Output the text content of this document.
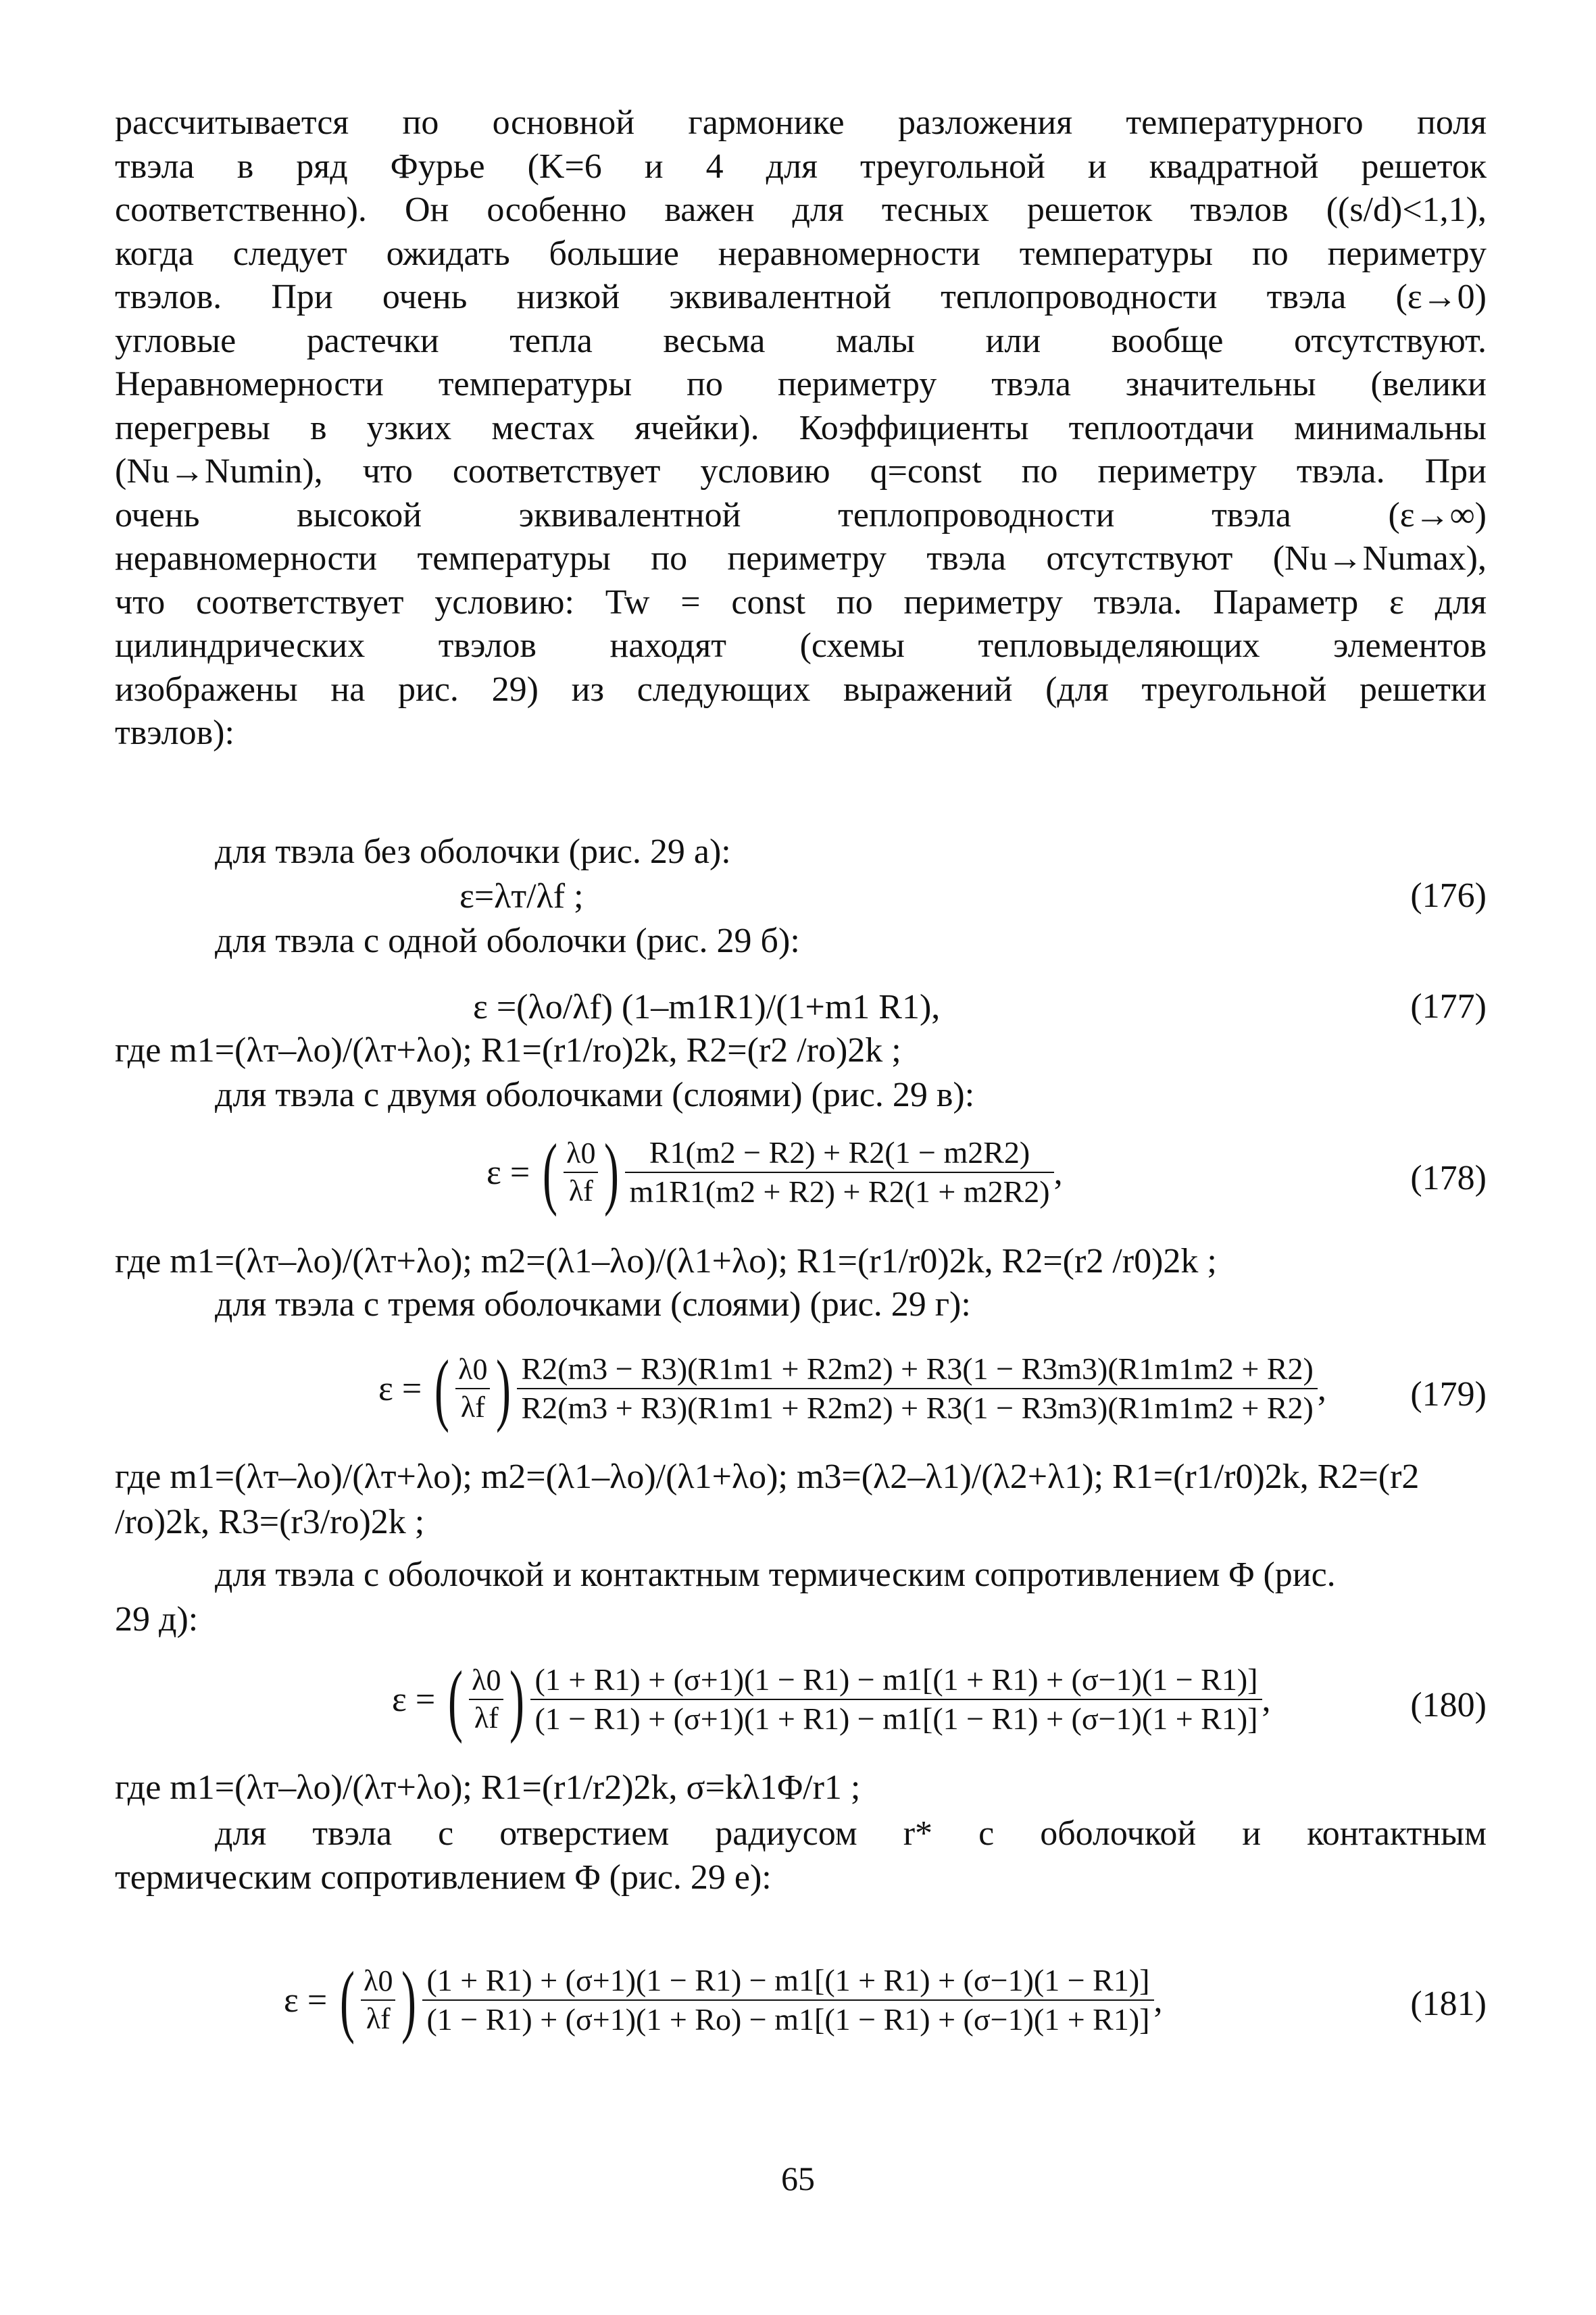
рассчитывается по основной гармонике разложения температурного поля
твэла в ряд Фурье (K=6 и 4 для треугольной и квадратной решеток
соответственно). Он особенно важен для тесных решеток твэлов ((s/d)<1,1),
когда следует ожидать большие неравномерности температуры по периметру
твэлов. При очень низкой эквивалентной теплопроводности твэла (ε→0)
угловые растечки тепла весьма малы или вообще отсутствуют.
Неравномерности температуры по периметру твэла значительны (велики
перегревы в узких местах ячейки). Коэффициенты теплоотдачи минимальны
(Nu→Numin), что соответствует условию q=const по периметру твэла. При
очень высокой эквивалентной теплопроводности твэла (ε→∞)
неравномерности температуры по периметру твэла отсутствуют (Nu→Numax),
что соответствует условию: Tw = const по периметру твэла. Параметр ε для
цилиндрических твэлов находят (схемы тепловыделяющих элементов
изображены на рис. 29) из следующих выражений (для треугольной решетки
твэлов):
для твэла без оболочки (рис. 29 а):
ε=λт/λf ;	(176)
для твэла с одной оболочки (рис. 29 б):
ε =(λo/λf) (1–m1R1)/(1+m1 R1),	(177)
где m1=(λт–λo)/(λт+λo); R1=(r1/ro)2k, R2=(r2 /ro)2k ;
для твэла с двумя оболочками (слоями) (рис. 29 в):
ε = ( $\frac{\lambda 0}{\lambda f}$ ) $\frac{R1(m2 - R2) + R2(1 - m2R2)}{m1R1(m2 + R2) + R2(1 + m2R2)}$ ,	(178)
где m1=(λт–λo)/(λт+λo); m2=(λ1–λo)/(λ1+λo); R1=(r1/r0)2k, R2=(r2 /r0)2k ;
для твэла с тремя оболочками (слоями) (рис. 29 г):
ε = ( $\frac{\lambda 0}{\lambda f}$ ) $\frac{R2(m3 - R3)(R1m1 + R2m2) + R3(1 - R3m3)(R1m1m2 + R2)}{R2(m3 + R3)(R1m1 + R2m2) + R3(1 - R3m3)(R1m1m2 + R2)}$ ,	(179)
где m1=(λт–λo)/(λт+λo); m2=(λ1–λo)/(λ1+λo); m3=(λ2–λ1)/(λ2+λ1); R1=(r1/r0)2k, R2=(r2
/ro)2k, R3=(r3/ro)2k ;
для твэла с оболочкой и контактным термическим сопротивлением Φ (рис.
29 д):
ε = ( $\frac{\lambda 0}{\lambda f}$ ) $\frac{(1 + R1) + (\sigma+1)(1 - R1) - m1[(1 + R1) + (\sigma-1)(1 - R1)]}{(1 - R1) + (\sigma+1)(1 + R1) - m1[(1 - R1) + (\sigma-1)(1 + R1)]}$ ,	(180)
где m1=(λт–λo)/(λт+λo); R1=(r1/r2)2k, σ=kλ1Φ/r1 ;
для твэла с отверстием радиусом r* с оболочкой и контактным
термическим сопротивлением Φ (рис. 29 е):
ε = ( $\frac{\lambda 0}{\lambda f}$ ) $\frac{(1 + R1) + (\sigma+1)(1 - R1) - m1[(1 + R1) + (\sigma-1)(1 - R1)]}{(1 - R1) + (\sigma+1)(1 + Ro) - m1[(1 - R1) + (\sigma-1)(1 + R1)]}$ ,	(181)
65
